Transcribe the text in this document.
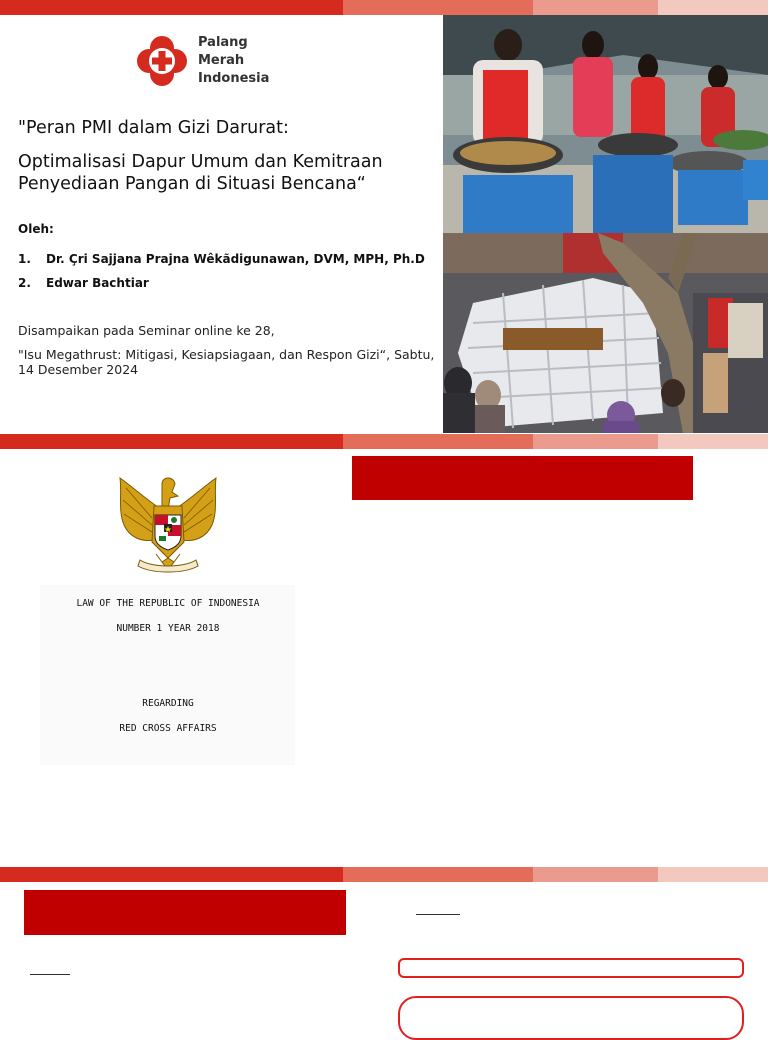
Palang
Merah
Indonesia

"Peran PMI dalam Gizi Darurat:

Optimalisasi Dapur Umum dan Kemitraan Penyediaan Pangan di Situasi Bencana“

Oleh:
1. Dr. Çri Sajjana Prajna Wêkãdigunawan, DVM, MPH, Ph.D
2. Edwar Bachtiar
Disampaikan pada Seminar online ke 28,
"Isu Megathrust: Mitigasi, Kesiapsiagaan, dan Respon Gizi“, Sabtu, 14 Desember 2024
LAW OF THE REPUBLIC OF INDONESIA
NUMBER 1 YEAR 2018
REGARDING
RED CROSS AFFAIRS
